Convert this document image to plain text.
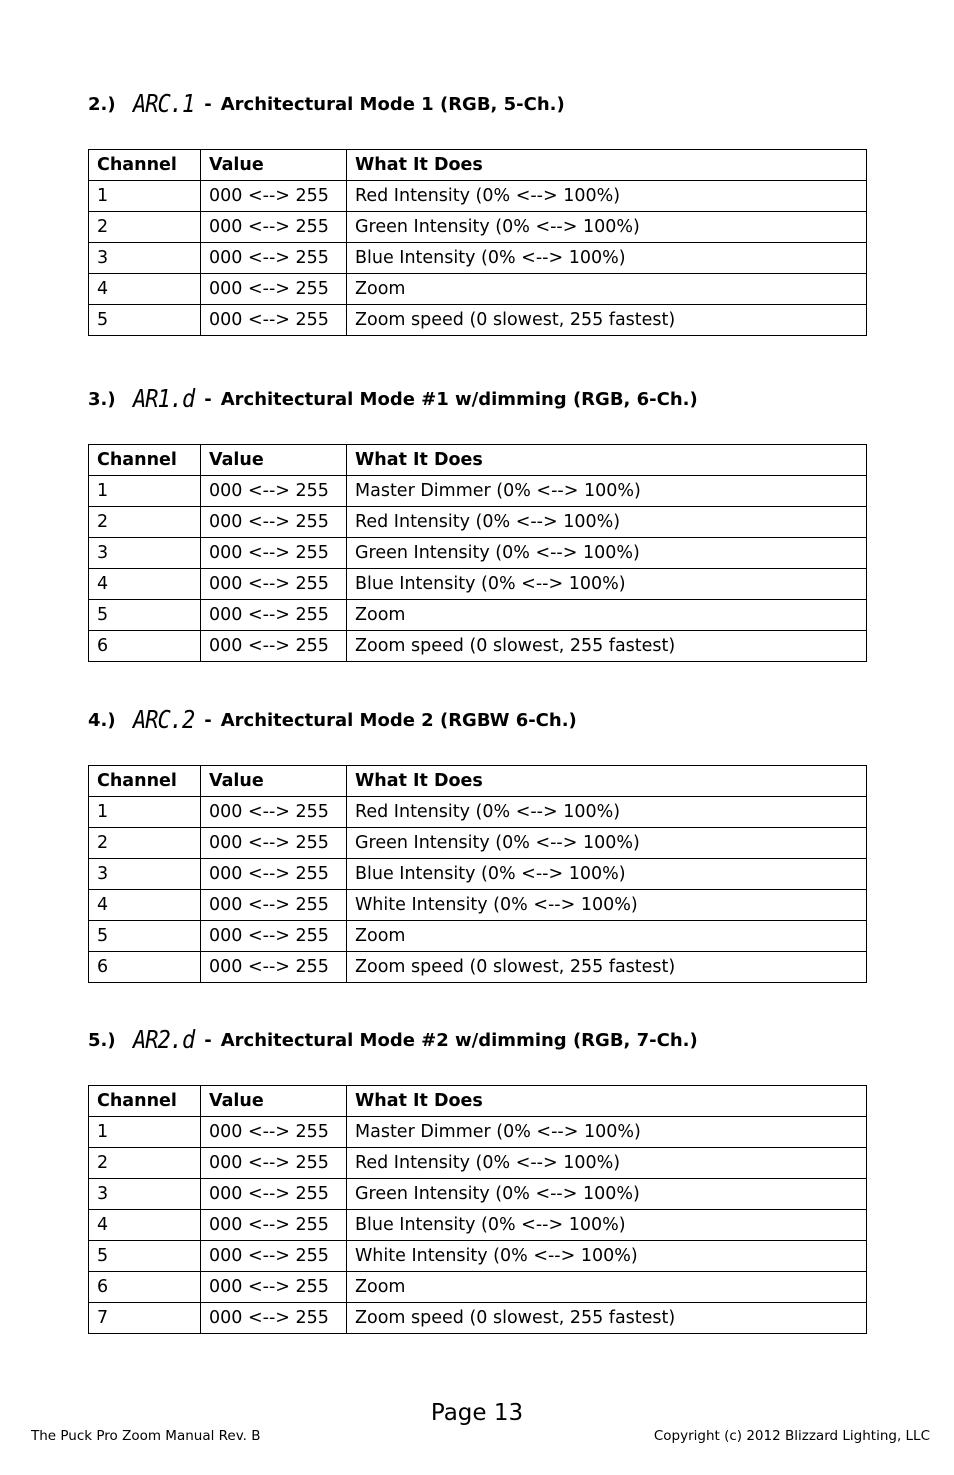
2.) ARC.1 - Architectural Mode 1 (RGB, 5-Ch.)
Channel	Value	What It Does
1	000 <--> 255	Red Intensity (0% <--> 100%)
2	000 <--> 255	Green Intensity (0% <--> 100%)
3	000 <--> 255	Blue Intensity (0% <--> 100%)
4	000 <--> 255	Zoom
5	000 <--> 255	Zoom speed (0 slowest, 255 fastest)
3.) AR1.d - Architectural Mode #1 w/dimming (RGB, 6-Ch.)
Channel	Value	What It Does
1	000 <--> 255	Master Dimmer (0% <--> 100%)
2	000 <--> 255	Red Intensity (0% <--> 100%)
3	000 <--> 255	Green Intensity (0% <--> 100%)
4	000 <--> 255	Blue Intensity (0% <--> 100%)
5	000 <--> 255	Zoom
6	000 <--> 255	Zoom speed (0 slowest, 255 fastest)
4.) ARC.2 - Architectural Mode 2 (RGBW 6-Ch.)
Channel	Value	What It Does
1	000 <--> 255	Red Intensity (0% <--> 100%)
2	000 <--> 255	Green Intensity (0% <--> 100%)
3	000 <--> 255	Blue Intensity (0% <--> 100%)
4	000 <--> 255	White Intensity (0% <--> 100%)
5	000 <--> 255	Zoom
6	000 <--> 255	Zoom speed (0 slowest, 255 fastest)
5.) AR2.d - Architectural Mode #2 w/dimming (RGB, 7-Ch.)
Channel	Value	What It Does
1	000 <--> 255	Master Dimmer (0% <--> 100%)
2	000 <--> 255	Red Intensity (0% <--> 100%)
3	000 <--> 255	Green Intensity (0% <--> 100%)
4	000 <--> 255	Blue Intensity (0% <--> 100%)
5	000 <--> 255	White Intensity (0% <--> 100%)
6	000 <--> 255	Zoom
7	000 <--> 255	Zoom speed (0 slowest, 255 fastest)
Page 13
The Puck Pro Zoom Manual Rev. B	Copyright (c) 2012 Blizzard Lighting, LLC
